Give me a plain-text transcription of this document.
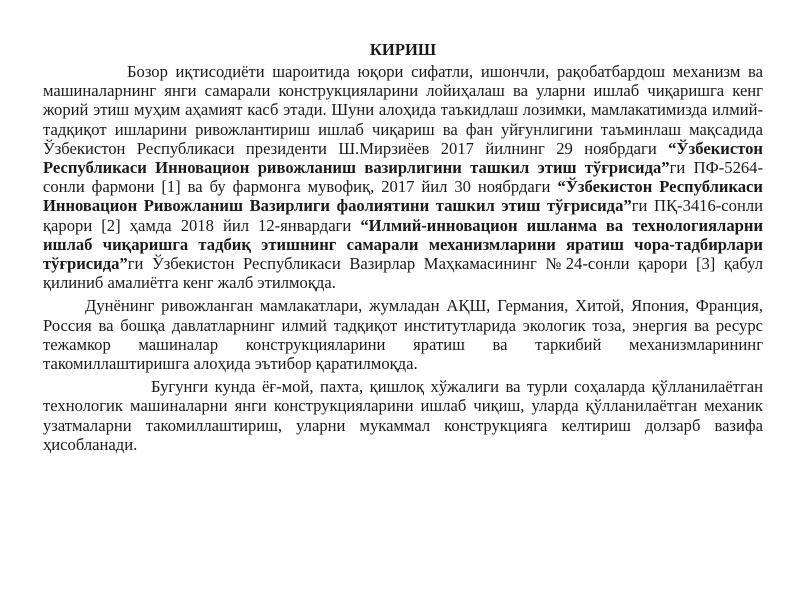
КИРИШ

Бозор иқтисодиёти шароитида юқори сифатли, ишончли, рақобатбардош механизм ва машиналарнинг янги самарали конструкцияларини лойиҳалаш ва уларни ишлаб чиқаришга кенг жорий этиш муҳим аҳамият касб этади. Шуни алоҳида таъкидлаш лозимки, мамлакатимизда илмий-тадқиқот ишларини ривожлантириш ишлаб чиқариш ва фан уйғунлигини таъминлаш мақсадида Ўзбекистон Республикаси президенти Ш.Мирзиёев 2017 йилнинг 29 ноябрдаги “Ўзбекистон Республикаси Инновацион ривожланиш вазирлигини ташкил этиш тўғрисида”ги ПФ-5264-сонли фармони [1] ва бу фармонга мувофиқ, 2017 йил 30 ноябрдаги “Ўзбекистон Республикаси Инновацион Ривожланиш Вазирлиги фаолиятини ташкил этиш тўғрисида”ги ПҚ-3416-сонли қарори [2] ҳамда 2018 йил 12-январдаги “Илмий-инновацион ишланма ва технологияларни ишлаб чиқаришга тадбиқ этишнинг самарали механизмларини яратиш чора-тадбирлари тўғрисида”ги Ўзбекистон Республикаси Вазирлар Маҳкамасининг №24-сонли қарори [3] қабул қилиниб амалиётга кенг жалб этилмоқда.

Дунёнинг ривожланган мамлакатлари, жумладан АҚШ, Германия, Хитой, Япония, Франция, Россия ва бошқа давлатларнинг илмий тадқиқот институтларида экологик тоза, энергия ва ресурс тежамкор машиналар конструкцияларини яратиш ва таркибий механизмларининг такомиллаштиришга алоҳида эътибор қаратилмоқда.

Бугунги кунда ёғ-мой, пахта, қишлоқ хўжалиги ва турли соҳаларда қўлланилаётган технологик машиналарни янги конструкцияларини ишлаб чиқиш, уларда қўлланилаётган механик узатмаларни такомиллаштириш, уларни мукаммал конструкцияга келтириш долзарб вазифа ҳисобланади.
